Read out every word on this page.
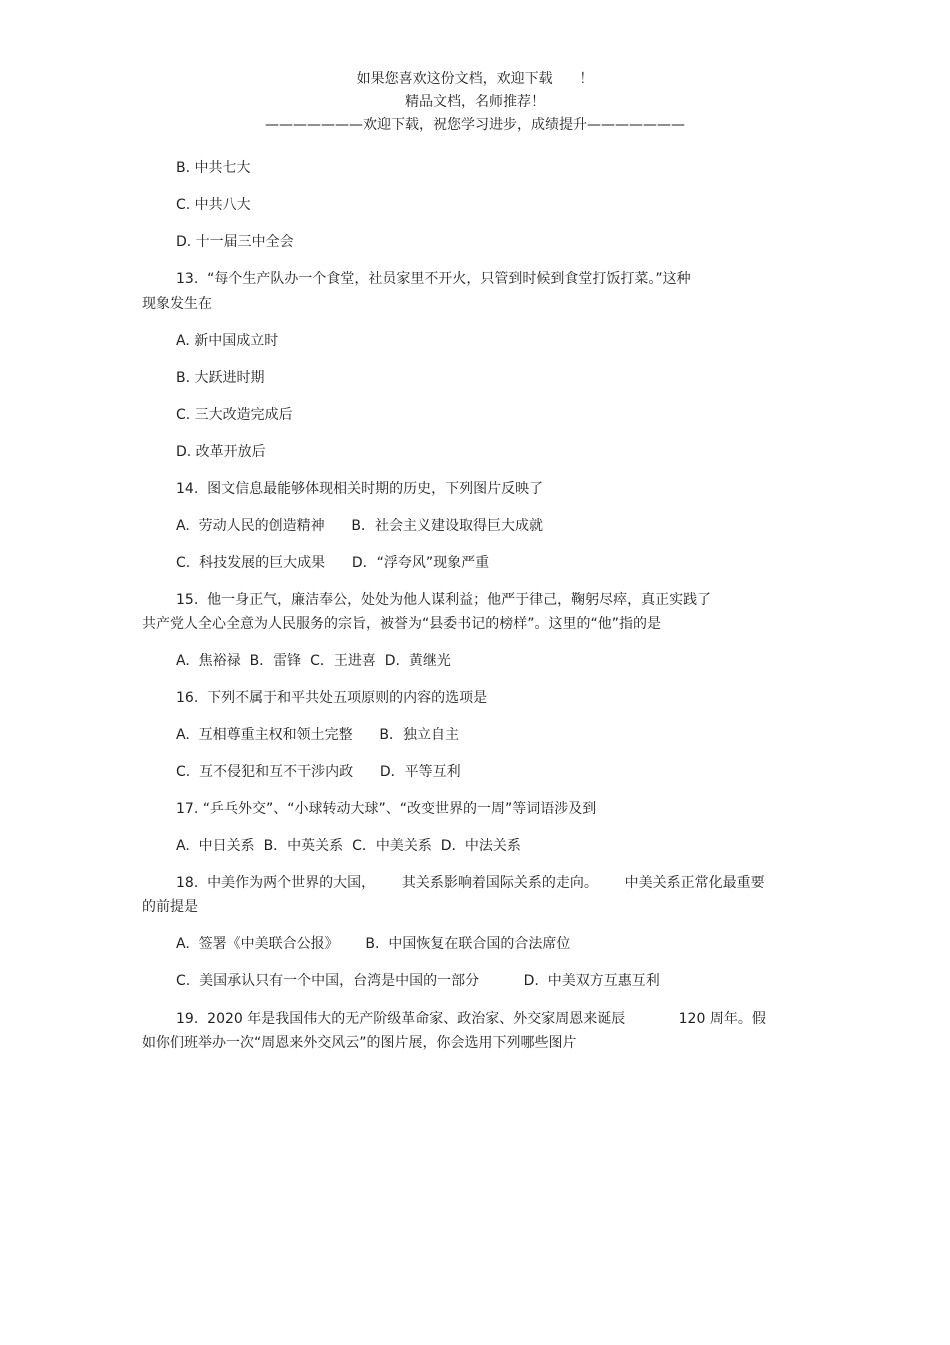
如果您喜欢这份文档，欢迎下载      ！
精品文档，名师推荐！
———————欢迎下载，祝您学习进步，成绩提升———————
B. 中共七大
C. 中共八大
D. 十一届三中全会
13.  “每个生产队办一个食堂，社员家里不开火，只管到时候到食堂打饭打菜。”这种
现象发生在
A. 新中国成立时
B. 大跃进时期
C. 三大改造完成后
D. 改革开放后
14.  图文信息最能够体现相关时期的历史，下列图片反映了
A.  劳动人民的创造精神      B．社会主义建设取得巨大成就
C.  科技发展的巨大成果      D．“浮夸风”现象严重
15.  他一身正气，廉洁奉公，处处为他人谋利益；他严于律己，鞠躬尽瘁，真正实践了
共产党人全心全意为人民服务的宗旨，被誉为“县委书记的榜样”。这里的“他”指的是
A.  焦裕禄  B．雷锋  C．王进喜  D.  黄继光
16.  下列不属于和平共处五项原则的内容的选项是
A.  互相尊重主权和领土完整      B．独立自主
C.  互不侵犯和互不干涉内政      D．平等互利
17. “乒乓外交”、“小球转动大球”、“改变世界的一周”等词语涉及到
A.  中日关系  B．中英关系  C．中美关系  D.  中法关系
18.  中美作为两个世界的大国，      其关系影响着国际关系的走向。      中美关系正常化最重要
的前提是
A.  签署《中美联合公报》      B.  中国恢复在联合国的合法席位
C.  美国承认只有一个中国，台湾是中国的一部分          D.  中美双方互惠互利
19.  2020 年是我国伟大的无产阶级革命家、政治家、外交家周恩来诞辰            120 周年。假
如你们班举办一次“周恩来外交风云”的图片展，你会选用下列哪些图片
